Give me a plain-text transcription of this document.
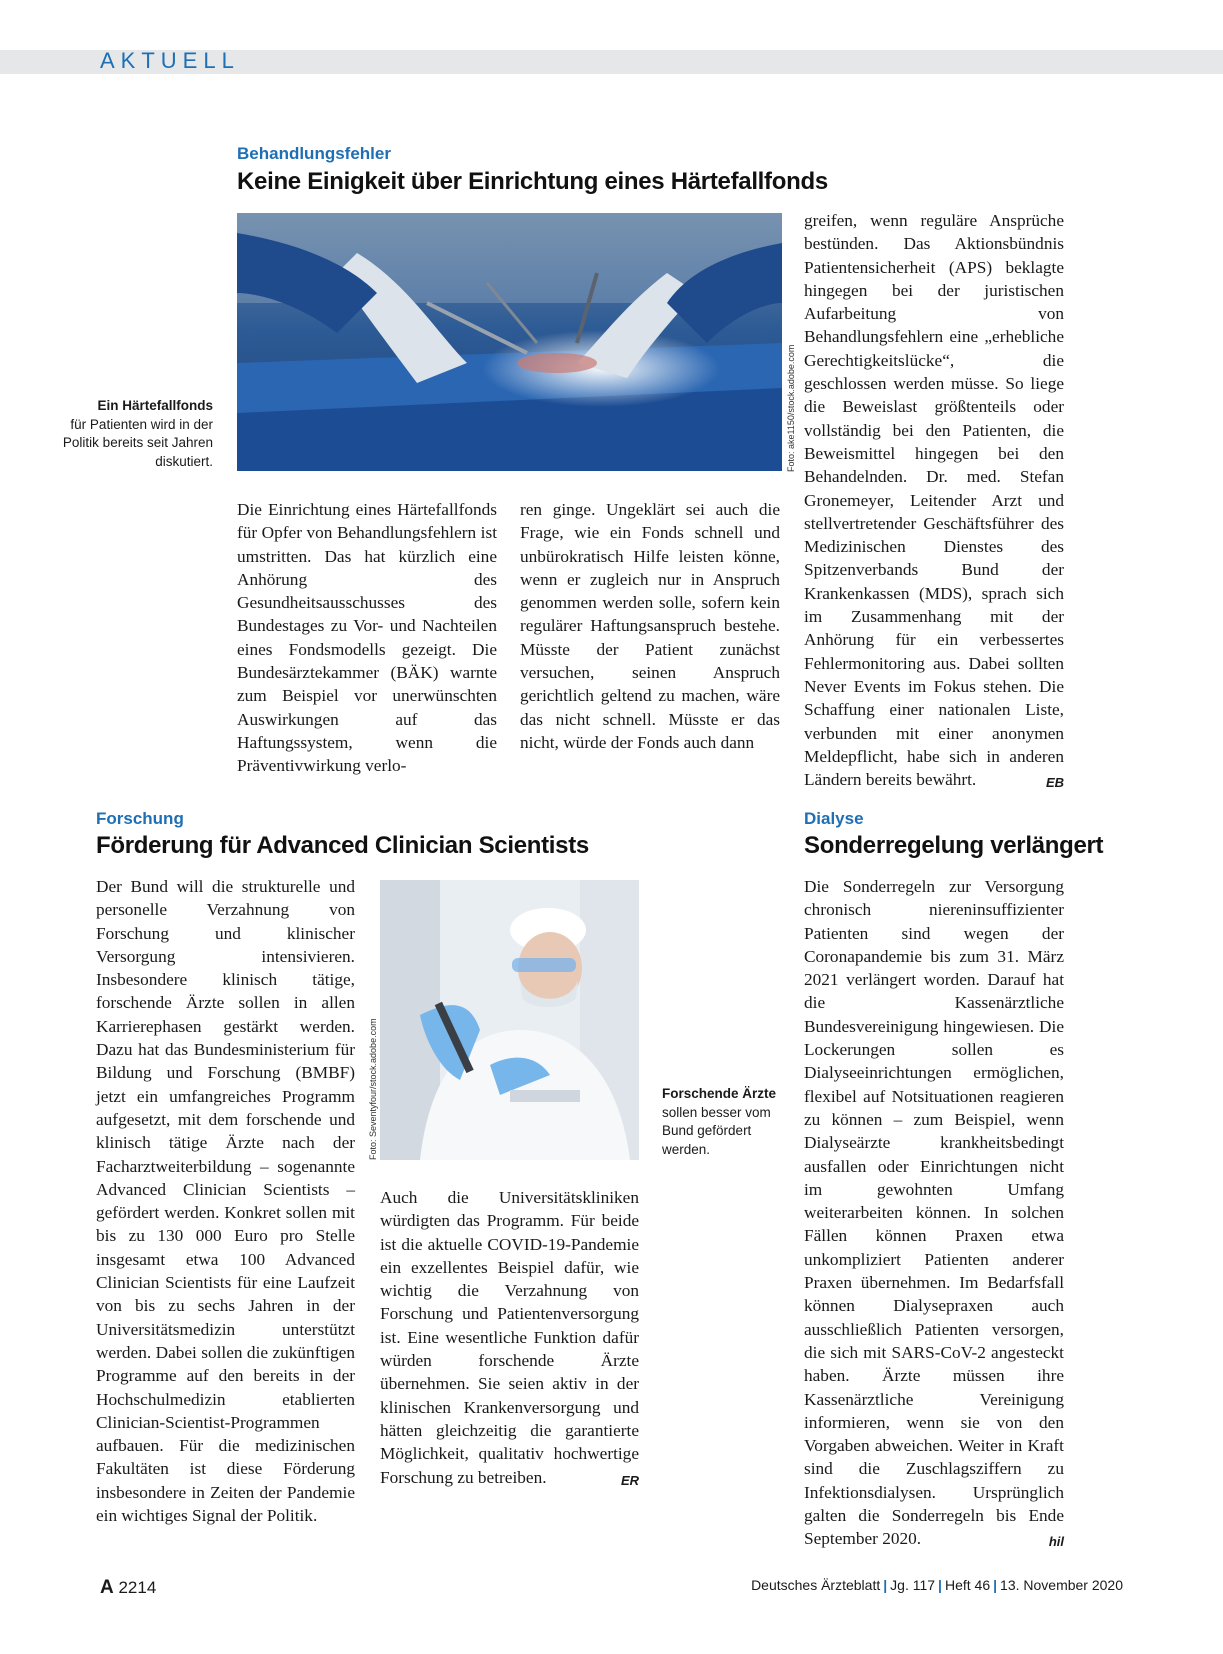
AKTUELL
Behandlungsfehler
Keine Einigkeit über Einrichtung eines Härtefallfonds
Foto: ake1150/stock.adobe.com
Ein Härtefallfonds
für Patienten wird in der Politik bereits seit Jahren diskutiert.

Die Einrichtung eines Härtefallfonds für Opfer von Behandlungsfehlern ist umstritten. Das hat kürzlich eine Anhörung des Gesundheitsausschusses des Bundestages zu Vor- und Nachteilen eines Fondsmodells gezeigt. Die Bundesärztekammer (BÄK) warnte zum Beispiel vor unerwünschten Auswirkungen auf das Haftungssystem, wenn die Präventivwirkung verlo-

ren ginge. Ungeklärt sei auch die Frage, wie ein Fonds schnell und unbürokratisch Hilfe leisten könne, wenn er zugleich nur in Anspruch genommen werden solle, sofern kein regulärer Haftungsanspruch bestehe. Müsste der Patient zunächst versuchen, seinen Anspruch gerichtlich geltend zu machen, wäre das nicht schnell. Müsste er das nicht, würde der Fonds auch dann

greifen, wenn reguläre Ansprüche bestünden. Das Aktionsbündnis Patientensicherheit (APS) beklagte hingegen bei der juristischen Aufarbeitung von Behandlungsfehlern eine „erhebliche Gerechtigkeitslücke“, die geschlossen werden müsse. So liege die Beweislast größtenteils oder vollständig bei den Patienten, die Beweismittel hingegen bei den Behandelnden. Dr. med. Stefan Gronemeyer, Leitender Arzt und stellvertretender Geschäftsführer des Medizinischen Dienstes des Spitzenverbands Bund der Krankenkassen (MDS), sprach sich im Zusammenhang mit der Anhörung für ein verbessertes Fehlermonitoring aus. Dabei sollten Never Events im Fokus stehen. Die Schaffung einer nationalen Liste, verbunden mit einer anonymen Meldepflicht, habe sich in anderen Ländern bereits bewährt.	EB

Forschung
Förderung für Advanced Clinician Scientists

Der Bund will die strukturelle und personelle Verzahnung von Forschung und klinischer Versorgung intensivieren. Insbesondere klinisch tätige, forschende Ärzte sollen in allen Karrierephasen gestärkt werden. Dazu hat das Bundesministerium für Bildung und Forschung (BMBF) jetzt ein umfangreiches Programm aufgesetzt, mit dem forschende und klinisch tätige Ärzte nach der Facharztweiterbildung – sogenannte Advanced Clinician Scientists – gefördert werden. Konkret sollen mit bis zu 130 000 Euro pro Stelle insgesamt etwa 100 Advanced Clinician Scientists für eine Laufzeit von bis zu sechs Jahren in der Universitätsmedizin unterstützt werden. Dabei sollen die zukünftigen Programme auf den bereits in der Hochschulmedizin etablierten Clinician-Scientist-Programmen aufbauen. Für die medizinischen Fakultäten ist diese Förderung insbesondere in Zeiten der Pandemie ein wichtiges Signal der Politik.

Foto: Seventyfour/stock.adobe.com	Forschende Ärzte sollen besser vom Bund gefördert werden.

Auch die Universitätskliniken würdigten das Programm. Für beide ist die aktuelle COVID-19-Pandemie ein exzellentes Beispiel dafür, wie wichtig die Verzahnung von Forschung und Patientenversorgung ist. Eine wesentliche Funktion dafür würden forschende Ärzte übernehmen. Sie seien aktiv in der klinischen Krankenversorgung und hätten gleichzeitig die garantierte Möglichkeit, qualitativ hochwertige Forschung zu betreiben.	ER

Dialyse
Sonderregelung verlängert

Die Sonderregeln zur Versorgung chronisch niereninsuffizienter Patienten sind wegen der Coronapandemie bis zum 31. März 2021 verlängert worden. Darauf hat die Kassenärztliche Bundesvereinigung hingewiesen. Die Lockerungen sollen es Dialyseeinrichtungen ermöglichen, flexibel auf Notsituationen reagieren zu können – zum Beispiel, wenn Dialyseärzte krankheitsbedingt ausfallen oder Einrichtungen nicht im gewohnten Umfang weiterarbeiten können. In solchen Fällen können Praxen etwa unkompliziert Patienten anderer Praxen übernehmen. Im Bedarfsfall können Dialysepraxen auch ausschließlich Patienten versorgen, die sich mit SARS-CoV-2 angesteckt haben. Ärzte müssen ihre Kassenärztliche Vereinigung informieren, wenn sie von den Vorgaben abweichen. Weiter in Kraft sind die Zuschlagsziffern zu Infektionsdialysen. Ursprünglich galten die Sonderregeln bis Ende September 2020.	hil

A 2214	Deutsches Ärzteblatt | Jg. 117 | Heft 46 | 13. November 2020
